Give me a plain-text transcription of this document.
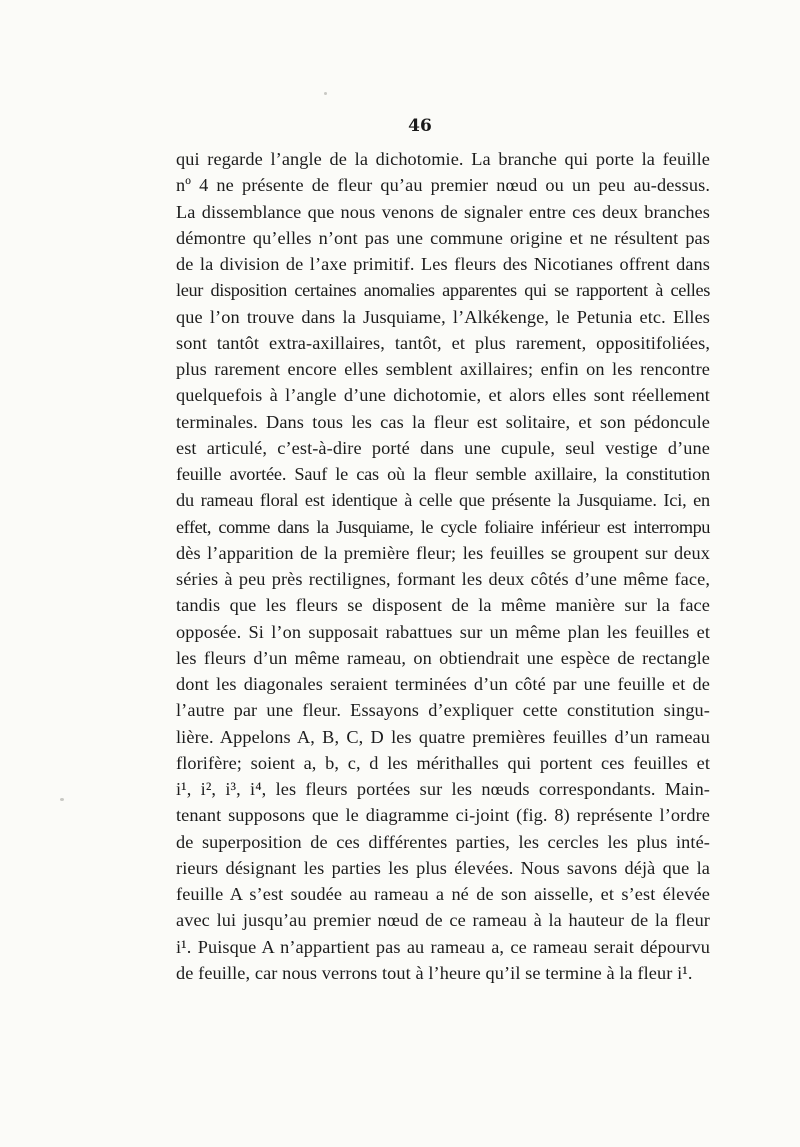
46
qui regarde l’angle de la dichotomie. La branche qui porte la feuille
nº 4 ne présente de fleur qu’au premier nœud ou un peu au-dessus.
La dissemblance que nous venons de signaler entre ces deux branches
démontre qu’elles n’ont pas une commune origine et ne résultent pas
de la division de l’axe primitif. Les fleurs des Nicotianes offrent dans
leur disposition certaines anomalies apparentes qui se rapportent à celles
que l’on trouve dans la Jusquiame, l’Alkékenge, le Petunia etc. Elles
sont tantôt extra-axillaires, tantôt, et plus rarement, oppositifoliées,
plus rarement encore elles semblent axillaires; enfin on les rencontre
quelquefois à l’angle d’une dichotomie, et alors elles sont réellement
terminales. Dans tous les cas la fleur est solitaire, et son pédoncule
est articulé, c’est-à-dire porté dans une cupule, seul vestige d’une
feuille avortée. Sauf le cas où la fleur semble axillaire, la constitution
du rameau floral est identique à celle que présente la Jusquiame. Ici, en
effet, comme dans la Jusquiame, le cycle foliaire inférieur est interrompu
dès l’apparition de la première fleur; les feuilles se groupent sur deux
séries à peu près rectilignes, formant les deux côtés d’une même face,
tandis que les fleurs se disposent de la même manière sur la face
opposée. Si l’on supposait rabattues sur un même plan les feuilles et
les fleurs d’un même rameau, on obtiendrait une espèce de rectangle
dont les diagonales seraient terminées d’un côté par une feuille et de
l’autre par une fleur. Essayons d’expliquer cette constitution singu-
lière. Appelons A, B, C, D les quatre premières feuilles d’un rameau
florifère; soient a, b, c, d les mérithalles qui portent ces feuilles et
i¹, i², i³, i⁴, les fleurs portées sur les nœuds correspondants. Main-
tenant supposons que le diagramme ci-joint (fig. 8) représente l’ordre
de superposition de ces différentes parties, les cercles les plus inté-
rieurs désignant les parties les plus élevées. Nous savons déjà que la
feuille A s’est soudée au rameau a né de son aisselle, et s’est élevée
avec lui jusqu’au premier nœud de ce rameau à la hauteur de la fleur
i¹. Puisque A n’appartient pas au rameau a, ce rameau serait dépourvu
de feuille, car nous verrons tout à l’heure qu’il se termine à la fleur i¹.
